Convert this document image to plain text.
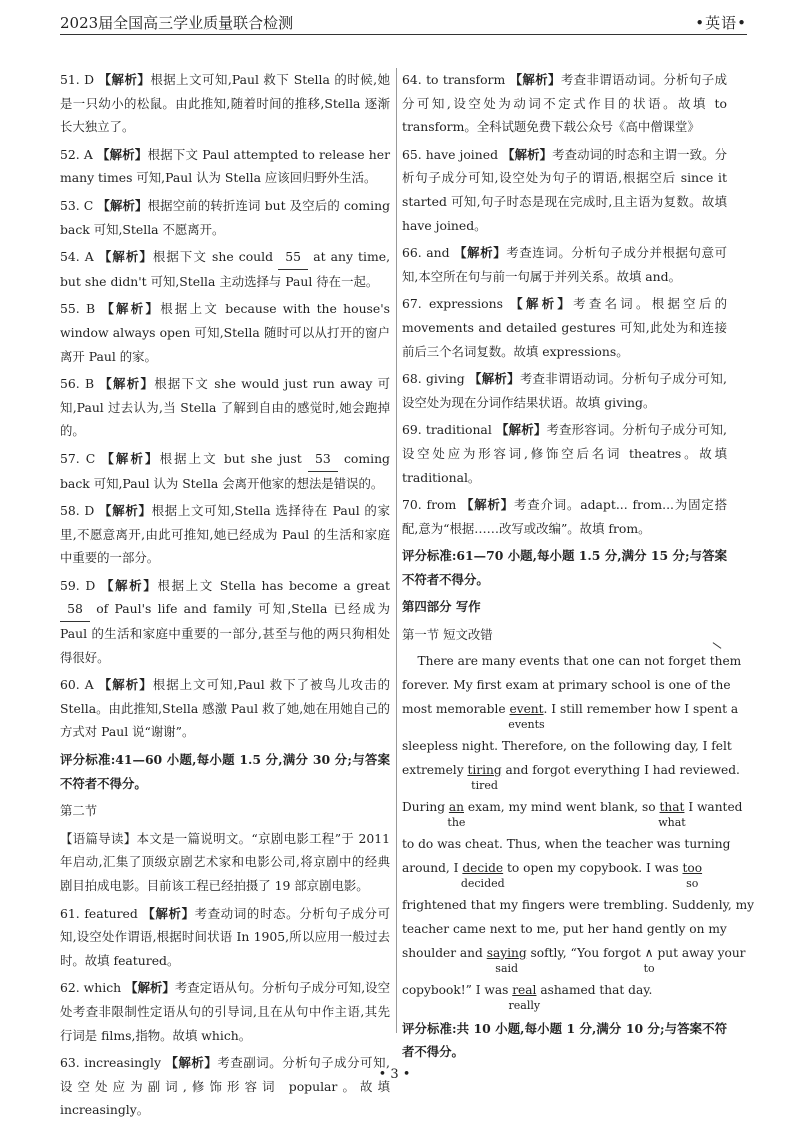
2023届全国高三学业质量联合检测	•英语•
51. D 【解析】根据上文可知,Paul 救下 Stella 的时候,她是一只幼小的松鼠。由此推知,随着时间的推移,Stella 逐渐长大独立了。
52. A 【解析】根据下文 Paul attempted to release her many times 可知,Paul 认为 Stella 应该回归野外生活。
53. C 【解析】根据空前的转折连词 but 及空后的 coming back 可知,Stella 不愿离开。
54. A 【解析】根据下文 she could 55 at any time, but she didn't 可知,Stella 主动选择与 Paul 待在一起。
55. B 【解析】根据上文 because with the house's window always open 可知,Stella 随时可以从打开的窗户离开 Paul 的家。
56. B 【解析】根据下文 she would just run away 可知,Paul 过去认为,当 Stella 了解到自由的感觉时,她会跑掉的。
57. C 【解析】根据上文 but she just 53 coming back 可知,Paul 认为 Stella 会离开他家的想法是错误的。
58. D 【解析】根据上文可知,Stella 选择待在 Paul 的家里,不愿意离开,由此可推知,她已经成为 Paul 的生活和家庭中重要的一部分。
59. D 【解析】根据上文 Stella has become a great 58 of Paul's life and family 可知,Stella 已经成为 Paul 的生活和家庭中重要的一部分,甚至与他的两只狗相处得很好。
60. A 【解析】根据上文可知,Paul 救下了被鸟儿攻击的 Stella。由此推知,Stella 感激 Paul 救了她,她在用她自己的方式对 Paul 说“谢谢”。
评分标准:41—60 小题,每小题 1.5 分,满分 30 分;与答案不符者不得分。
第二节
【语篇导读】本文是一篇说明文。“京剧电影工程”于 2011 年启动,汇集了顶级京剧艺术家和电影公司,将京剧中的经典剧目拍成电影。目前该工程已经拍摄了 19 部京剧电影。
61. featured 【解析】考查动词的时态。分析句子成分可知,设空处作谓语,根据时间状语 In 1905,所以应用一般过去时。故填 featured。
62. which 【解析】考查定语从句。分析句子成分可知,设空处考查非限制性定语从句的引导词,且在从句中作主语,其先行词是 films,指物。故填 which。
63. increasingly 【解析】考查副词。分析句子成分可知,设空处应为副词,修饰形容词 popular。故填 increasingly。
64. to transform 【解析】考查非谓语动词。分析句子成分可知,设空处为动词不定式作目的状语。故填 to transform。全科试题免费下载公众号《高中僧课堂》
65. have joined 【解析】考查动词的时态和主谓一致。分析句子成分可知,设空处为句子的谓语,根据空后 since it started 可知,句子时态是现在完成时,且主语为复数。故填 have joined。
66. and 【解析】考查连词。分析句子成分并根据句意可知,本空所在句与前一句属于并列关系。故填 and。
67. expressions 【解析】考查名词。根据空后的 movements and detailed gestures 可知,此处为和连接前后三个名词复数。故填 expressions。
68. giving 【解析】考查非谓语动词。分析句子成分可知,设空处为现在分词作结果状语。故填 giving。
69. traditional 【解析】考查形容词。分析句子成分可知,设空处应为形容词,修饰空后名词 theatres。故填 traditional。
70. from 【解析】考查介词。adapt... from...为固定搭配,意为“根据……改写或改编”。故填 from。
评分标准:61—70 小题,每小题 1.5 分,满分 15 分;与答案不符者不得分。
第四部分 写作
第一节 短文改错
There are many events that one can not forget them
forever. My first exam at primary school is one of the
most memorable event
events
. I still remember how I spent a
sleepless night. Therefore, on the following day, I felt
extremely tiring
tired
and forgot everything I had reviewed.
During an
the
exam, my mind went blank, so that
what
I wanted
to do was cheat. Thus, when the teacher was turning
around, I decide
decided
to open my copybook. I was too
so
frightened that my fingers were trembling. Suddenly, my
teacher came next to me, put her hand gently on my
shoulder and saying
said
softly, “You forgot ∧
to
put away your
copybook!” I was real
really
ashamed that day.
评分标准:共 10 小题,每小题 1 分,满分 10 分;与答案不符者不得分。
• 3 •
